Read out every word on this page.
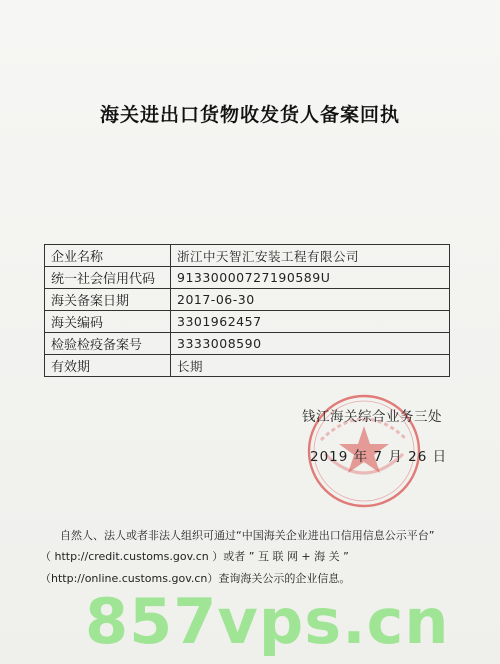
海关进出口货物收发货人备案回执
企业名称	浙江中天智汇安装工程有限公司
统一社会信用代码	91330000727190589U
海关备案日期	2017-06-30
海关编码	3301962457
检验检疫备案号	3333008590
有效期	长期
钱江海关综合业务三处
2019 年 7 月 26 日
自然人、法人或者非法人组织可通过“中国海关企业进出口信用信息公示平台”
（ http://credit.customs.gov.cn ）或者 ” 互 联 网 + 海 关 ”
（http://online.customs.gov.cn）查询海关公示的企业信息。
857vps.cn
